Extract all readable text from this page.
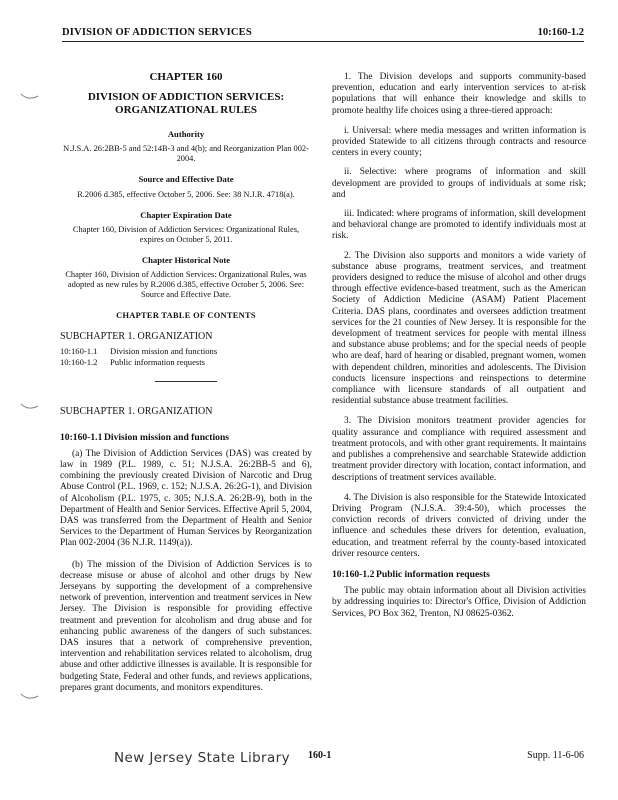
DIVISION OF ADDICTION SERVICES	10:160-1.2
CHAPTER 160
DIVISION OF ADDICTION SERVICES: ORGANIZATIONAL RULES
Authority
N.J.S.A. 26:2BB-5 and 52:14B-3 and 4(b); and Reorganization Plan 002-2004.
Source and Effective Date
R.2006 d.385, effective October 5, 2006. See: 38 N.J.R. 4718(a).
Chapter Expiration Date
Chapter 160, Division of Addiction Services: Organizational Rules, expires on October 5, 2011.
Chapter Historical Note
Chapter 160, Division of Addiction Services: Organizational Rules, was adopted as new rules by R.2006 d.385, effective October 5, 2006. See: Source and Effective Date.
CHAPTER TABLE OF CONTENTS
SUBCHAPTER 1. ORGANIZATION
10:160-1.1 Division mission and functions
10:160-1.2 Public information requests
SUBCHAPTER 1. ORGANIZATION
10:160-1.1 Division mission and functions

(a) The Division of Addiction Services (DAS) was created by law in 1989 (P.L. 1989, c. 51; N.J.S.A. 26:2BB-5 and 6), combining the previously created Division of Narcotic and Drug Abuse Control (P.L. 1969, c. 152; N.J.S.A. 26:2G-1), and Division of Alcoholism (P.L. 1975, c. 305; N.J.S.A. 26:2B-9), both in the Department of Health and Senior Services. Effective April 5, 2004, DAS was transferred from the Department of Health and Senior Services to the Department of Human Services by Reorganization Plan 002-2004 (36 N.J.R. 1149(a)).

(b) The mission of the Division of Addiction Services is to decrease misuse or abuse of alcohol and other drugs by New Jerseyans by supporting the development of a comprehensive network of prevention, intervention and treatment services in New Jersey. The Division is responsible for providing effective treatment and prevention for alcoholism and drug abuse and for enhancing public awareness of the dangers of such substances. DAS insures that a network of comprehensive prevention, intervention and rehabilitation services related to alcoholism, drug abuse and other addictive illnesses is available. It is responsible for budgeting State, Federal and other funds, and reviews applications, prepares grant documents, and monitors expenditures.

1. The Division develops and supports community-based prevention, education and early intervention services to at-risk populations that will enhance their knowledge and skills to promote healthy life choices using a three-tiered approach:

i. Universal: where media messages and written information is provided Statewide to all citizens through contracts and resource centers in every county;

ii. Selective: where programs of information and skill development are provided to groups of individuals at some risk; and

iii. Indicated: where programs of information, skill development and behavioral change are promoted to identify individuals most at risk.

2. The Division also supports and monitors a wide variety of substance abuse programs, treatment services, and treatment providers designed to reduce the misuse of alcohol and other drugs through effective evidence-based treatment, such as the American Society of Addiction Medicine (ASAM) Patient Placement Criteria. DAS plans, coordinates and oversees addiction treatment services for the 21 counties of New Jersey. It is responsible for the development of treatment services for people with mental illness and substance abuse problems; and for the special needs of people who are deaf, hard of hearing or disabled, pregnant women, women with dependent children, minorities and adolescents. The Division conducts licensure inspections and reinspections to determine compliance with licensure standards of all outpatient and residential substance abuse treatment facilities.

3. The Division monitors treatment provider agencies for quality assurance and compliance with required assessment and treatment protocols, and with other grant requirements. It maintains and publishes a comprehensive and searchable Statewide addiction treatment provider directory with location, contact information, and descriptions of treatment services available.

4. The Division is also responsible for the Statewide Intoxicated Driving Program (N.J.S.A. 39:4-50), which processes the conviction records of drivers convicted of driving under the influence and schedules these drivers for detention, evaluation, education, and treatment referral by the county-based intoxicated driver resource centers.

10:160-1.2 Public information requests

The public may obtain information about all Division activities by addressing inquiries to: Director's Office, Division of Addiction Services, PO Box 362, Trenton, NJ 08625-0362.

New Jersey State Library 160-1	Supp. 11-6-06
